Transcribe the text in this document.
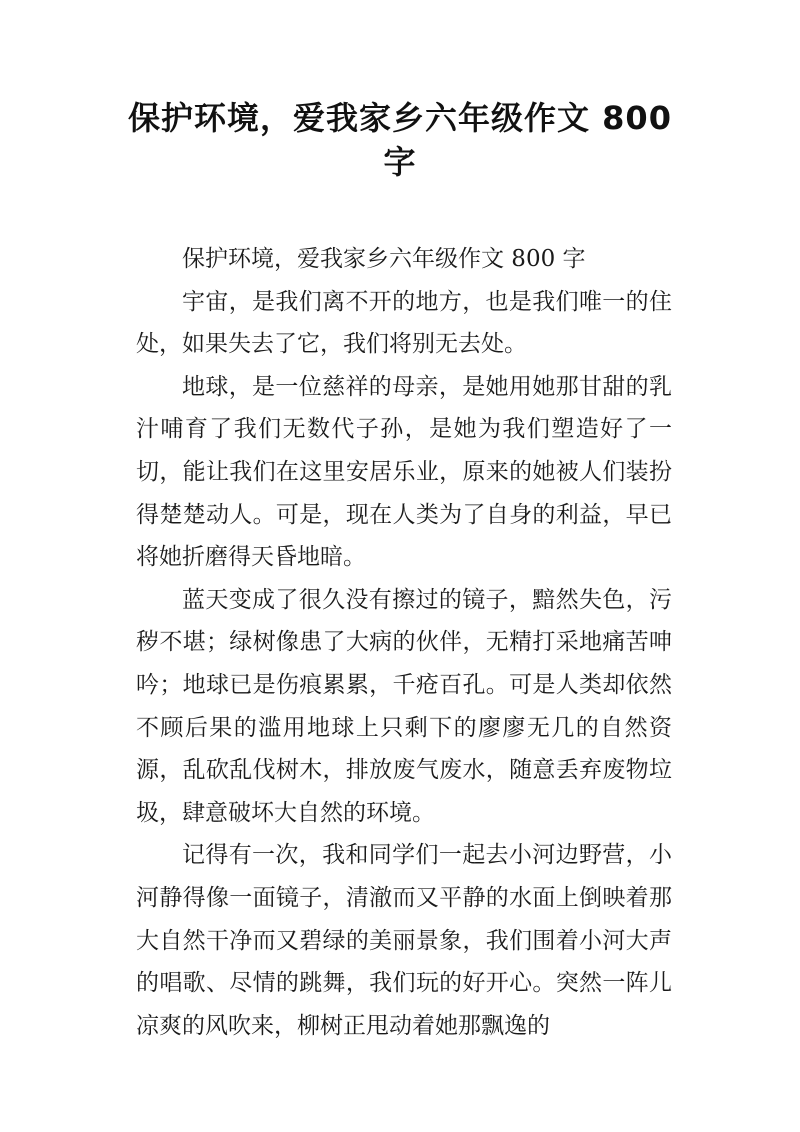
保护环境，爱我家乡六年级作文 800 字

保护环境，爱我家乡六年级作文 800 字

宇宙，是我们离不开的地方，也是我们唯一的住处，如果失去了它，我们将别无去处。

地球，是一位慈祥的母亲，是她用她那甘甜的乳汁哺育了我们无数代子孙，是她为我们塑造好了一切，能让我们在这里安居乐业，原来的她被人们装扮得楚楚动人。可是，现在人类为了自身的利益，早已将她折磨得天昏地暗。

蓝天变成了很久没有擦过的镜子，黯然失色，污秽不堪；绿树像患了大病的伙伴，无精打采地痛苦呻吟；地球已是伤痕累累，千疮百孔。可是人类却依然不顾后果的滥用地球上只剩下的廖廖无几的自然资源，乱砍乱伐树木，排放废气废水，随意丢弃废物垃圾，肆意破坏大自然的环境。

记得有一次，我和同学们一起去小河边野营，小河静得像一面镜子，清澈而又平静的水面上倒映着那大自然干净而又碧绿的美丽景象，我们围着小河大声的唱歌、尽情的跳舞，我们玩的好开心。突然一阵儿凉爽的风吹来，柳树正甩动着她那飘逸的
